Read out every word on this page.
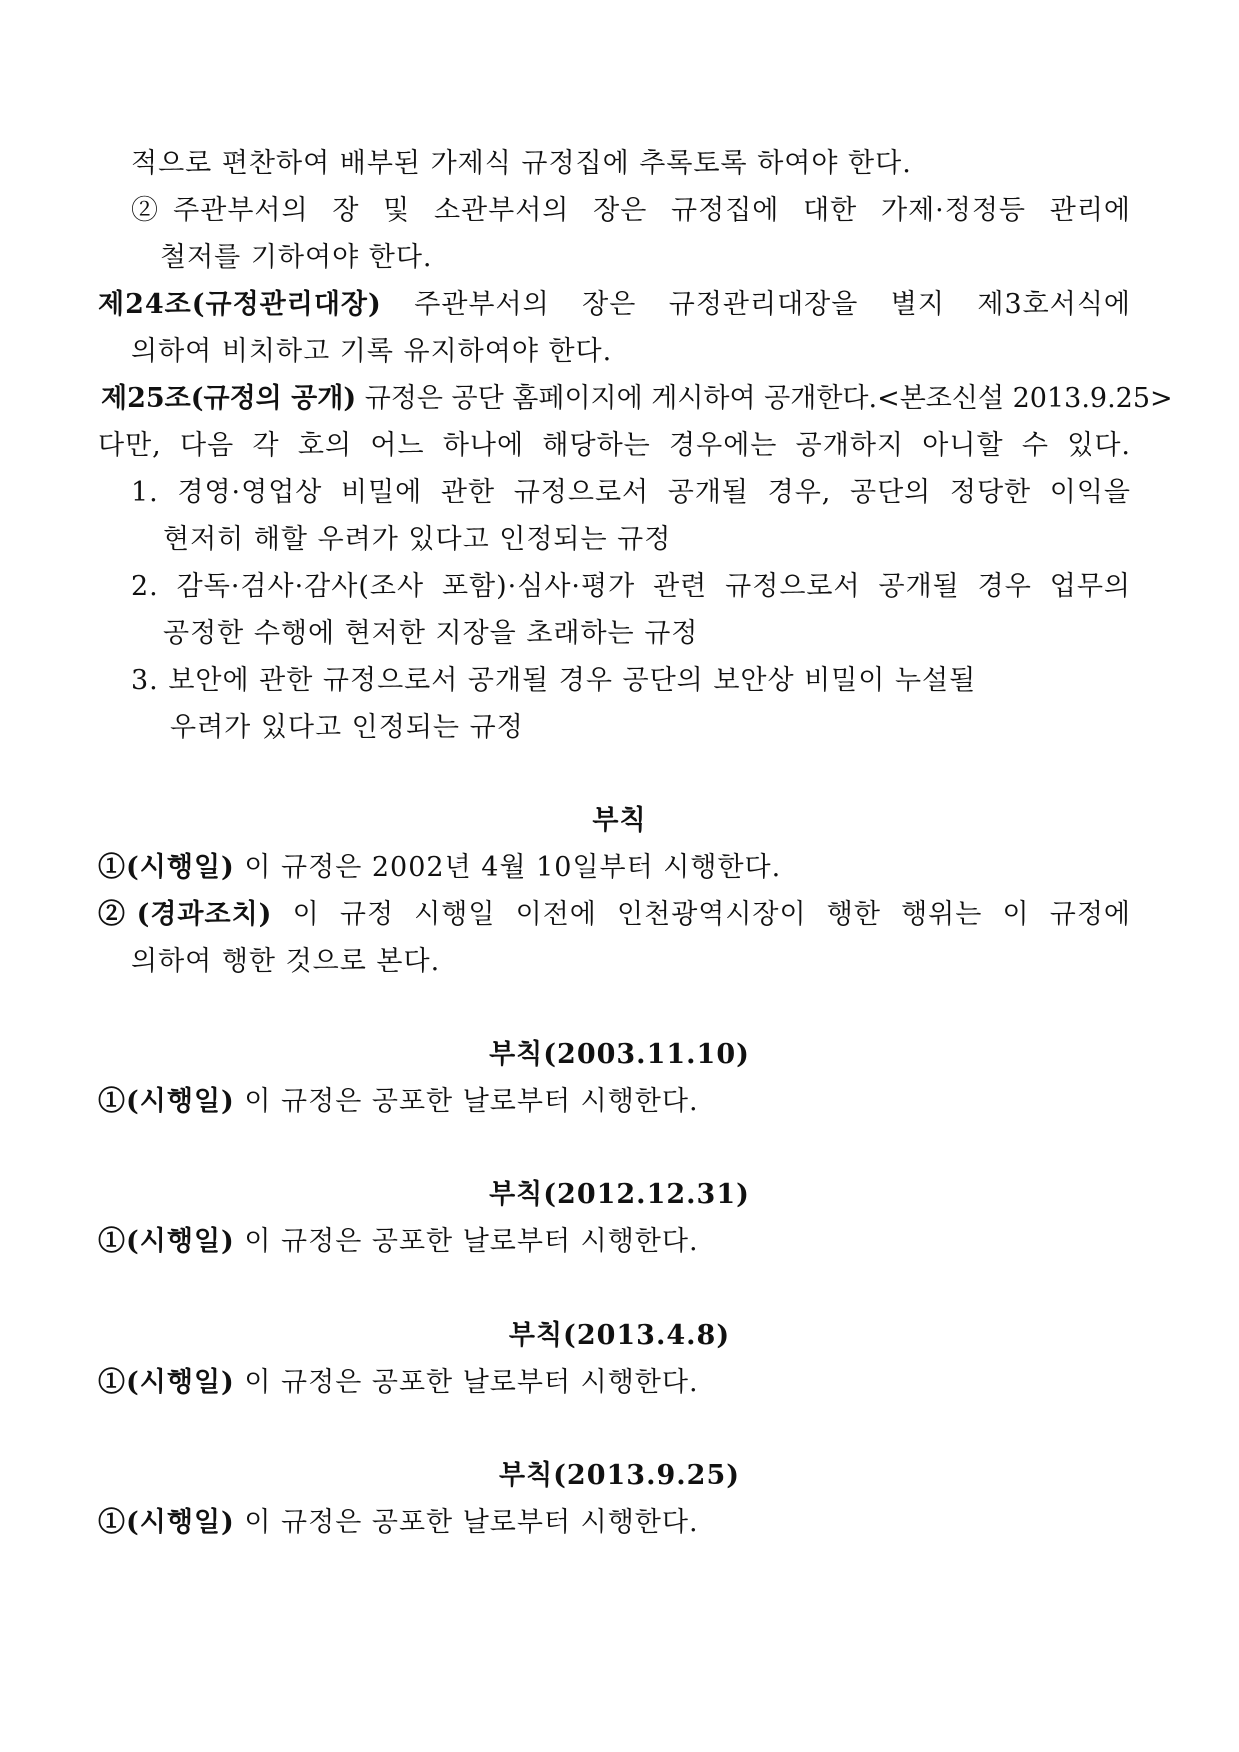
적으로 편찬하여 배부된 가제식 규정집에 추록토록 하여야 한다.
②주관부서의 장 및 소관부서의 장은 규정집에 대한 가제·정정등 관리에
철저를 기하여야 한다.
제24조(규정관리대장) 주관부서의 장은 규정관리대장을 별지 제3호서식에
의하여 비치하고 기록 유지하여야 한다.
제25조(규정의 공개) 규정은 공단 홈페이지에 게시하여 공개한다.<본조신설 2013.9.25>
다만, 다음 각 호의 어느 하나에 해당하는 경우에는 공개하지 아니할 수 있다.
1. 경영·영업상 비밀에 관한 규정으로서 공개될 경우, 공단의 정당한 이익을
현저히 해할 우려가 있다고 인정되는 규정
2. 감독·검사·감사(조사 포함)·심사·평가 관련 규정으로서 공개될 경우 업무의
공정한 수행에 현저한 지장을 초래하는 규정
3. 보안에 관한 규정으로서 공개될 경우 공단의 보안상 비밀이 누설될
우려가 있다고 인정되는 규정
부칙
①(시행일) 이 규정은 2002년 4월 10일부터 시행한다.
②(경과조치) 이 규정 시행일 이전에 인천광역시장이 행한 행위는 이 규정에
의하여 행한 것으로 본다.
부칙(2003.11.10)
①(시행일) 이 규정은 공포한 날로부터 시행한다.
부칙(2012.12.31)
①(시행일) 이 규정은 공포한 날로부터 시행한다.
부칙(2013.4.8)
①(시행일) 이 규정은 공포한 날로부터 시행한다.
부칙(2013.9.25)
①(시행일) 이 규정은 공포한 날로부터 시행한다.
